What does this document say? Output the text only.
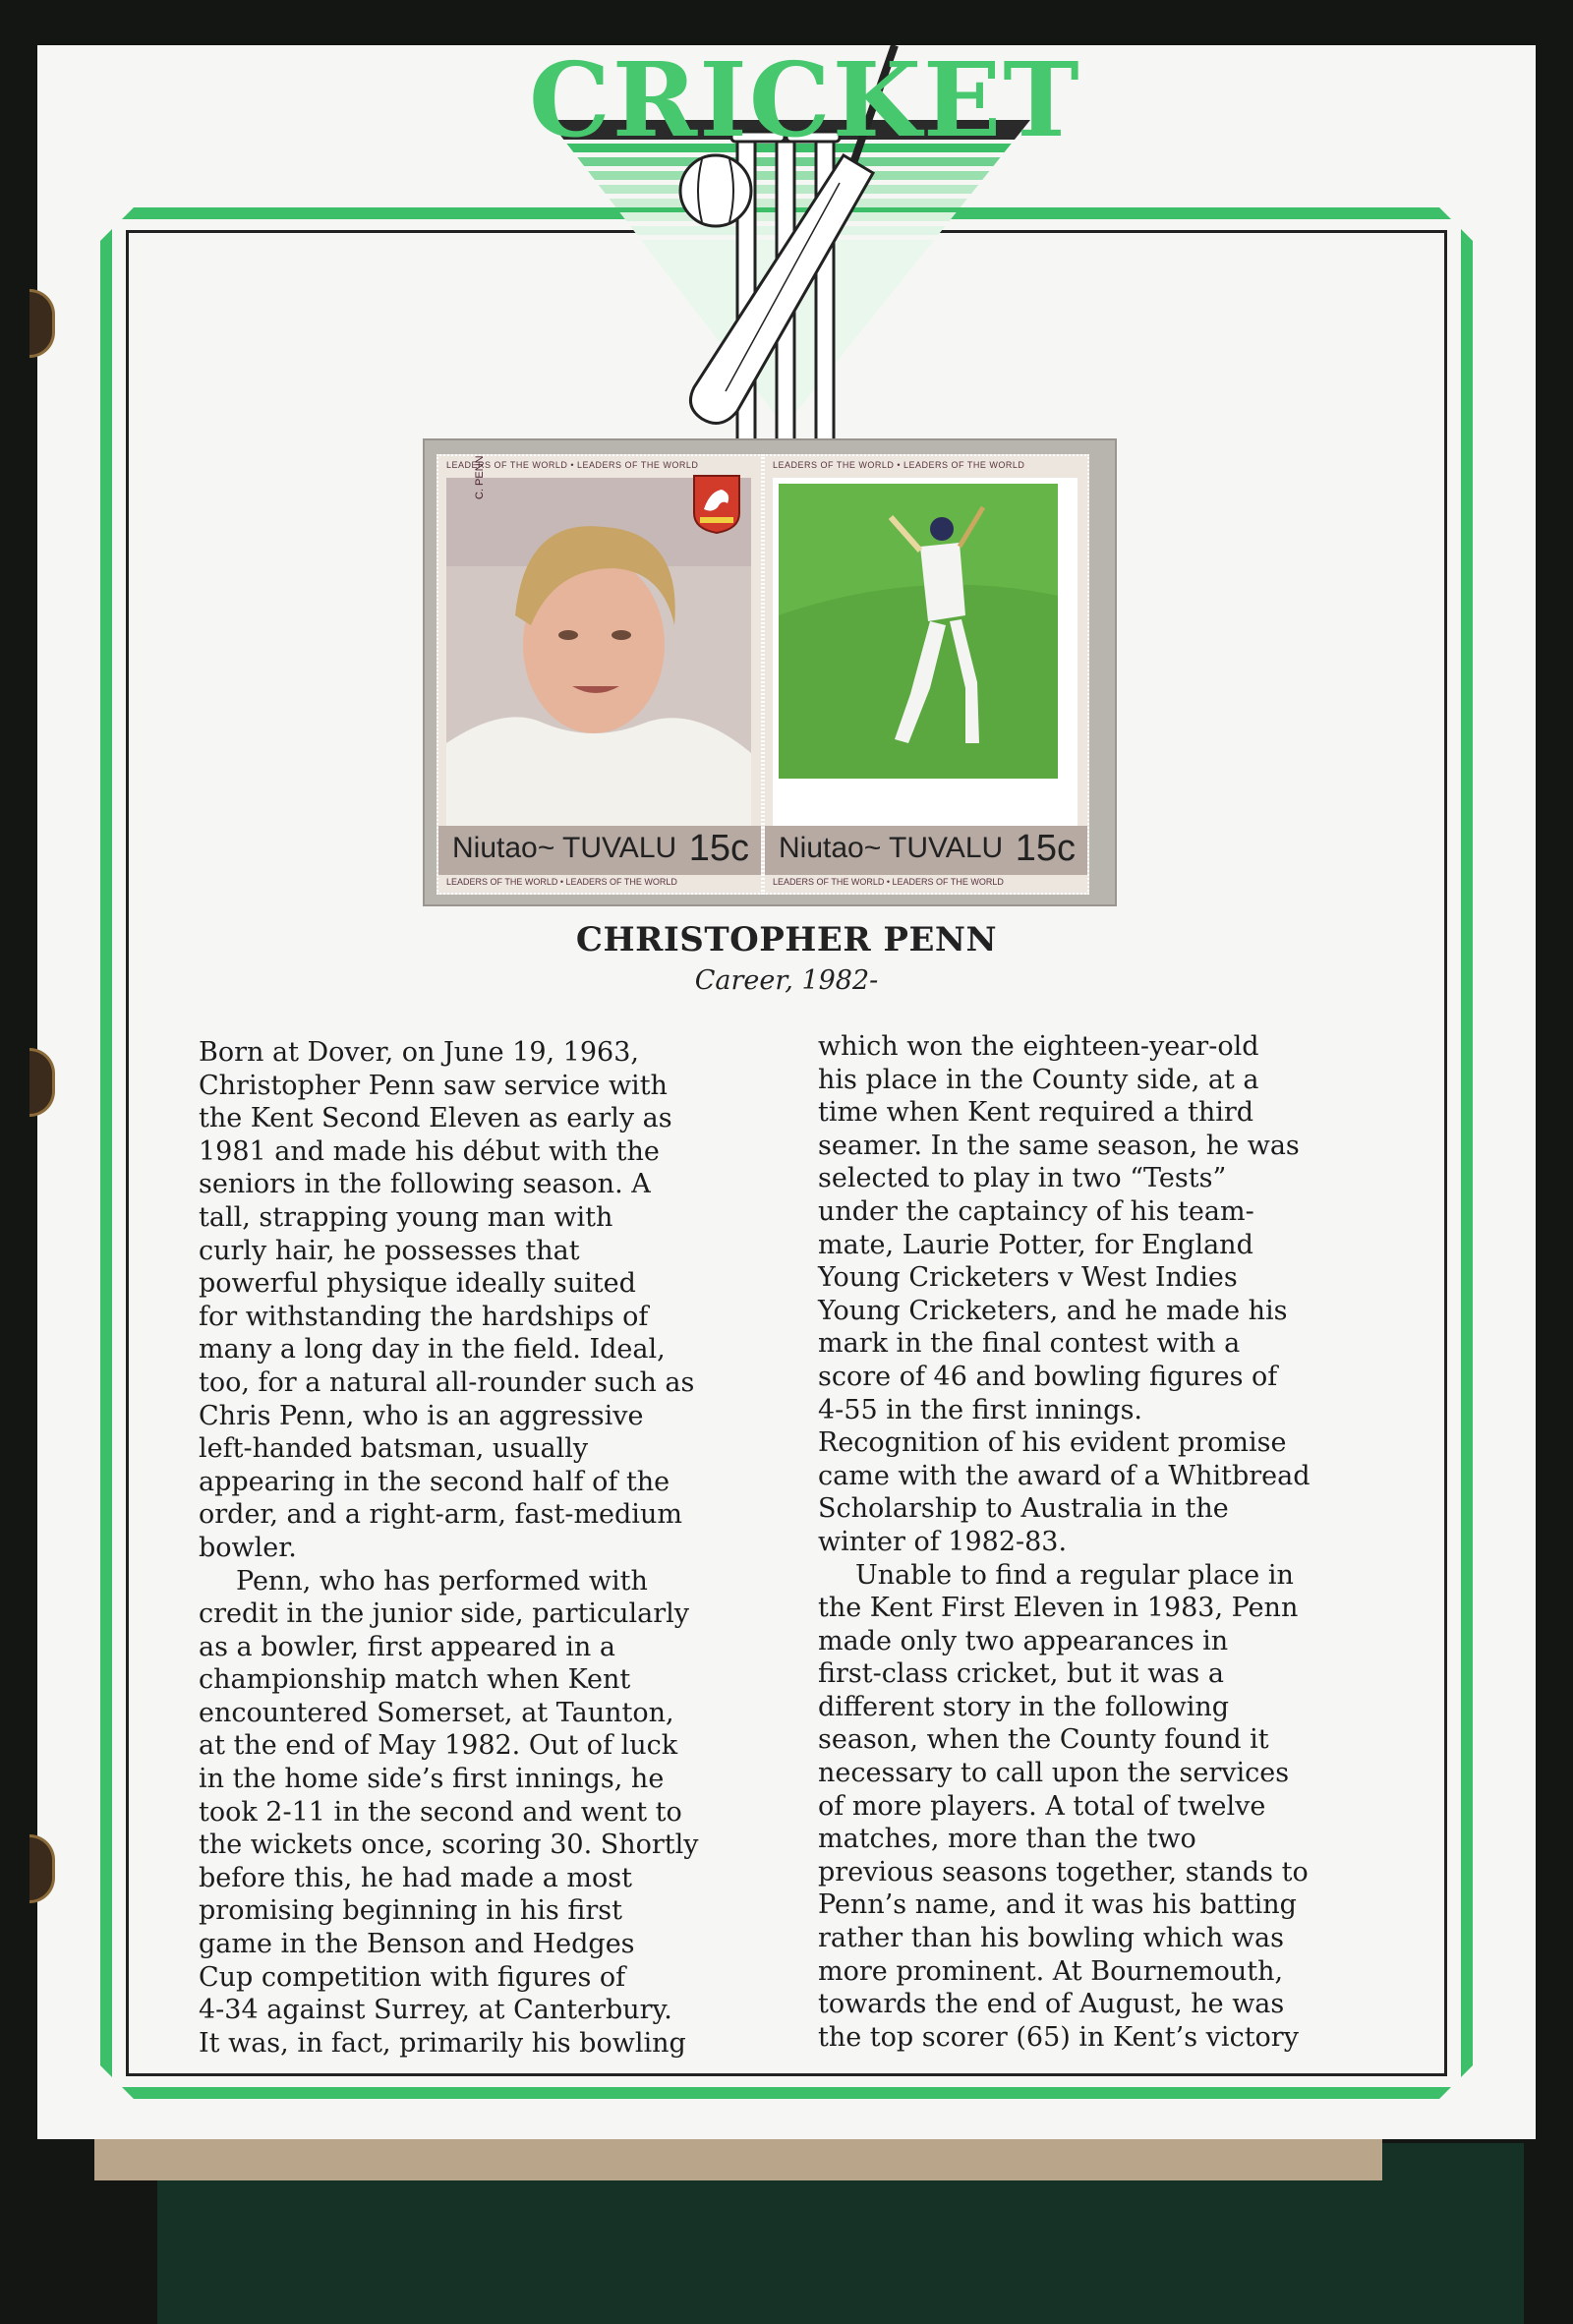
CRICKET
LEADERS OF THE WORLD • LEADERS OF THE WORLD
C. PENN
Niutao~ TUVALU 15c
LEADERS OF THE WORLD • LEADERS OF THE WORLD
LEADERS OF THE WORLD • LEADERS OF THE WORLD
Niutao~ TUVALU 15c
LEADERS OF THE WORLD • LEADERS OF THE WORLD
CHRISTOPHER PENN
Career, 1982-
Born at Dover, on June 19, 1963,
Christopher Penn saw service with
the Kent Second Eleven as early as
1981 and made his début with the
seniors in the following season. A
tall, strapping young man with
curly hair, he possesses that
powerful physique ideally suited
for withstanding the hardships of
many a long day in the field. Ideal,
too, for a natural all-rounder such as
Chris Penn, who is an aggressive
left-handed batsman, usually
appearing in the second half of the
order, and a right-arm, fast-medium
bowler.
Penn, who has performed with
credit in the junior side, particularly
as a bowler, first appeared in a
championship match when Kent
encountered Somerset, at Taunton,
at the end of May 1982. Out of luck
in the home side’s first innings, he
took 2-11 in the second and went to
the wickets once, scoring 30. Shortly
before this, he had made a most
promising beginning in his first
game in the Benson and Hedges
Cup competition with figures of
4-34 against Surrey, at Canterbury.
It was, in fact, primarily his bowling
which won the eighteen-year-old
his place in the County side, at a
time when Kent required a third
seamer. In the same season, he was
selected to play in two “Tests”
under the captaincy of his team-
mate, Laurie Potter, for England
Young Cricketers v West Indies
Young Cricketers, and he made his
mark in the final contest with a
score of 46 and bowling figures of
4-55 in the first innings.
Recognition of his evident promise
came with the award of a Whitbread
Scholarship to Australia in the
winter of 1982-83.
Unable to find a regular place in
the Kent First Eleven in 1983, Penn
made only two appearances in
first-class cricket, but it was a
different story in the following
season, when the County found it
necessary to call upon the services
of more players. A total of twelve
matches, more than the two
previous seasons together, stands to
Penn’s name, and it was his batting
rather than his bowling which was
more prominent. At Bournemouth,
towards the end of August, he was
the top scorer (65) in Kent’s victory
